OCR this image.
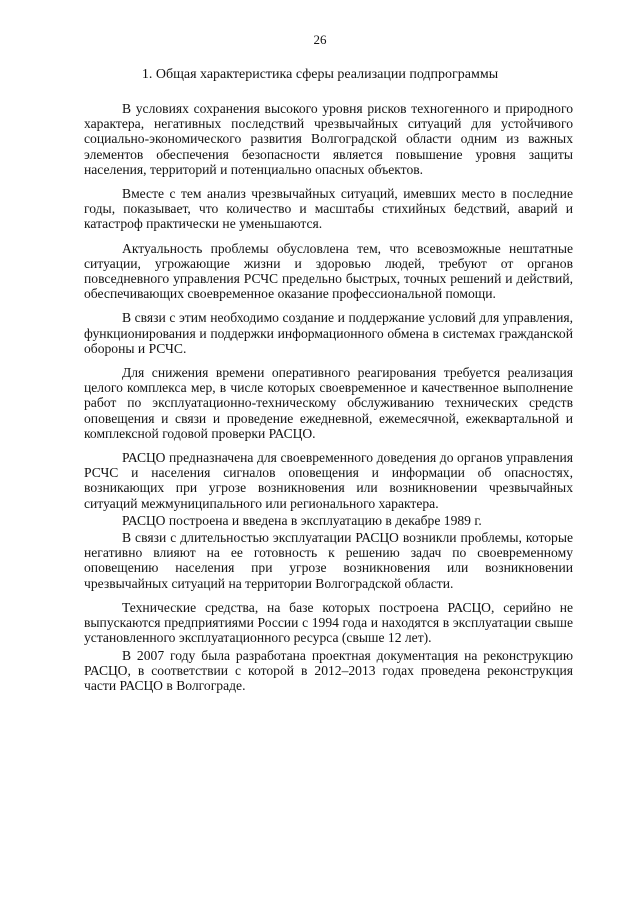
26
1. Общая характеристика сферы реализации подпрограммы

В условиях сохранения высокого уровня рисков техногенного и природного характера, негативных последствий чрезвычайных ситуаций для устойчивого социально-экономического развития Волгоградской области одним из важных элементов обеспечения безопасности является повышение уровня защиты населения, территорий и потенциально опасных объектов.

Вместе с тем анализ чрезвычайных ситуаций, имевших место в последние годы, показывает, что количество и масштабы стихийных бедствий, аварий и катастроф практически не уменьшаются.

Актуальность проблемы обусловлена тем, что всевозможные нештатные ситуации, угрожающие жизни и здоровью людей, требуют от органов повседневного управления РСЧС предельно быстрых, точных решений и действий, обеспечивающих своевременное оказание профессиональной помощи.

В связи с этим необходимо создание и поддержание условий для управления, функционирования и поддержки информационного обмена в системах гражданской обороны и РСЧС.

Для снижения времени оперативного реагирования требуется реализация целого комплекса мер, в числе которых своевременное и качественное выполнение работ по эксплуатационно-техническому обслуживанию технических средств оповещения и связи и проведение ежедневной, ежемесячной, ежеквартальной и комплексной годовой проверки РАСЦО.

РАСЦО предназначена для своевременного доведения до органов управления РСЧС и населения сигналов оповещения и информации об опасностях, возникающих при угрозе возникновения или возникновении чрезвычайных ситуаций межмуниципального или регионального характера.

РАСЦО построена и введена в эксплуатацию в декабре 1989 г.

В связи с длительностью эксплуатации РАСЦО возникли проблемы, которые негативно влияют на ее готовность к решению задач по своевременному оповещению населения при угрозе возникновения или возникновении чрезвычайных ситуаций на территории Волгоградской области.

Технические средства, на базе которых построена РАСЦО, серийно не выпускаются предприятиями России с 1994 года и находятся в эксплуатации свыше установленного эксплуатационного ресурса (свыше 12 лет).

В 2007 году была разработана проектная документация на реконструкцию РАСЦО, в соответствии с которой в 2012–2013 годах проведена реконструкция части РАСЦО в Волгограде.
